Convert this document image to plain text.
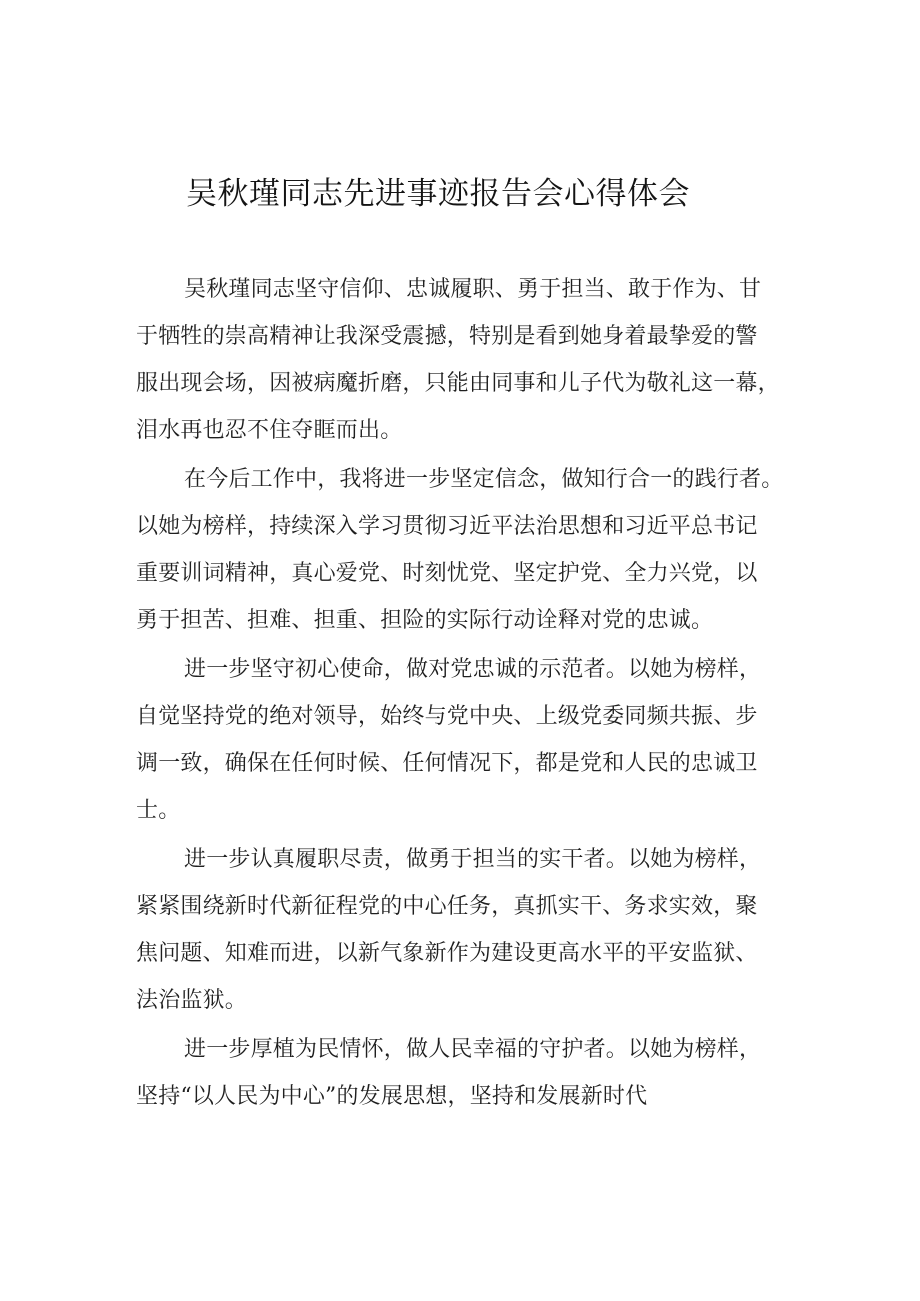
吴秋瑾同志先进事迹报告会心得体会

吴秋瑾同志坚守信仰、忠诚履职、勇于担当、敢于作为、甘
于牺牲的崇高精神让我深受震撼，特别是看到她身着最挚爱的警
服出现会场，因被病魔折磨，只能由同事和儿子代为敬礼这一幕，
泪水再也忍不住夺眶而出。

在今后工作中，我将进一步坚定信念，做知行合一的践行者。
以她为榜样，持续深入学习贯彻习近平法治思想和习近平总书记
重要训词精神，真心爱党、时刻忧党、坚定护党、全力兴党，以
勇于担苦、担难、担重、担险的实际行动诠释对党的忠诚。

进一步坚守初心使命，做对党忠诚的示范者。以她为榜样，
自觉坚持党的绝对领导，始终与党中央、上级党委同频共振、步
调一致，确保在任何时候、任何情况下，都是党和人民的忠诚卫
士。

进一步认真履职尽责，做勇于担当的实干者。以她为榜样，
紧紧围绕新时代新征程党的中心任务，真抓实干、务求实效，聚
焦问题、知难而进，以新气象新作为建设更高水平的平安监狱、
法治监狱。

进一步厚植为民情怀，做人民幸福的守护者。以她为榜样，
坚持“以人民为中心”的发展思想，坚持和发展新时代
